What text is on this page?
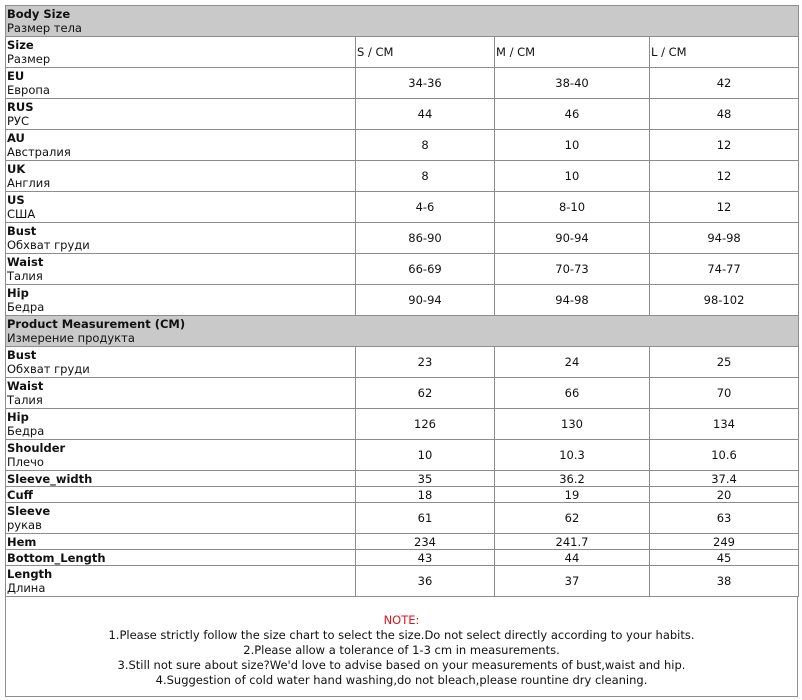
Body Size
Размер тела			

Size
Размер	S / CM	M / CM	L / CM

EU
Европа	34-36	38-40	42

RUS
РУС	44	46	48

AU
Австралия	8	10	12

UK
Англия	8	10	12

US
США	4-6	8-10	12

Bust
Обхват груди	86-90	90-94	94-98

Waist
Талия	66-69	70-73	74-77

Hip
Бедра	90-94	94-98	98-102

Product Measurement (CM)
Измерение продукта			

Bust
Обхват груди	23	24	25

Waist
Талия	62	66	70

Hip
Бедра	126	130	134

Shoulder
Плечо	10	10.3	10.6

Sleeve_width	35	36.2	37.4

Cuff	18	19	20

Sleeve
рукав	61	62	63

Hem	234	241.7	249

Bottom_Length	43	44	45

Length
Длина	36	37	38
NOTE:
1.Please strictly follow the size chart to select the size.Do not select directly according to your habits.
2.Please allow a tolerance of 1-3 cm in measurements.
3.Still not sure about size?We'd love to advise based on your measurements of bust,waist and hip.
4.Suggestion of cold water hand washing,do not bleach,please rountine dry cleaning.
